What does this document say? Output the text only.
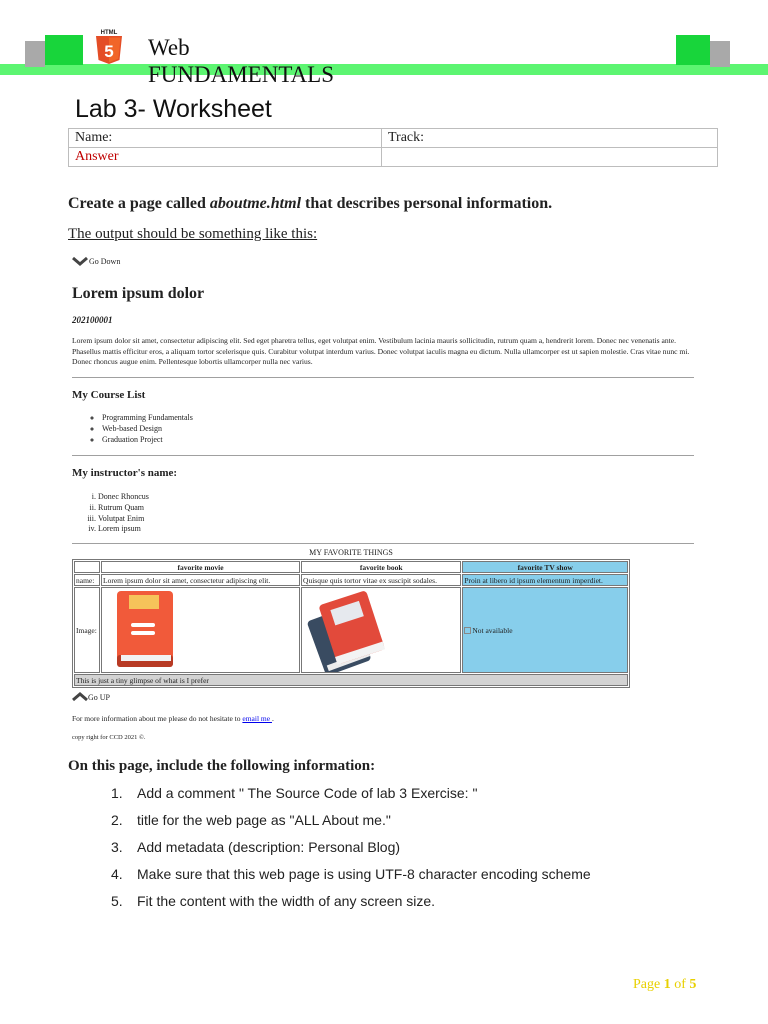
HTML
5 Web
FUNDAMENTALS
Lab 3- Worksheet
Name:	Track:
Answer	
Create a page called aboutme.html that describes personal information.
The output should be something like this:
Go Down
Lorem ipsum dolor
202100001
Lorem ipsum dolor sit amet, consectetur adipiscing elit. Sed eget pharetra tellus, eget volutpat enim. Vestibulum lacinia mauris sollicitudin, rutrum quam a, hendrerit lorem. Donec nec venenatis ante. Phasellus mattis efficitur eros, a aliquam tortor scelerisque quis. Curabitur volutpat interdum varius. Donec volutpat iaculis magna eu dictum. Nulla ullamcorper est ut sapien molestie. Cras vitae nunc mi. Donec rhoncus augue enim. Pellentesque lobortis ullamcorper nulla nec varius.
My Course List
◦ Programming Fundamentals
◦ Web-based Design
◦ Graduation Project
My instructor's name:
i. Donec Rhoncus
ii. Rutrum Quam
iii. Volutpat Enim
iv. Lorem ipsum
MY FAVORITE THINGS
	favorite movie	favorite book	favorite TV show
name:	Lorem ipsum dolor sit amet, consectetur adipiscing elit.	Quisque quis tortor vitae ex suscipit sodales.	Proin at libero id ipsum elementum imperdiet.
Image:			Not available
This is just a tiny glimpse of what is I prefer			
Go UP
For more information about me please do not hesitate to email me .
copy right for CCD 2021 ©.
On this page, include the following information:
1.	Add a comment " The Source Code of lab 3 Exercise: "
2.	title for the web page as "ALL About me."
3.	Add metadata (description: Personal Blog)
4.	Make sure that this web page is using UTF-8 character encoding scheme
5.	Fit the content with the width of any screen size.
Page 1 of 5
